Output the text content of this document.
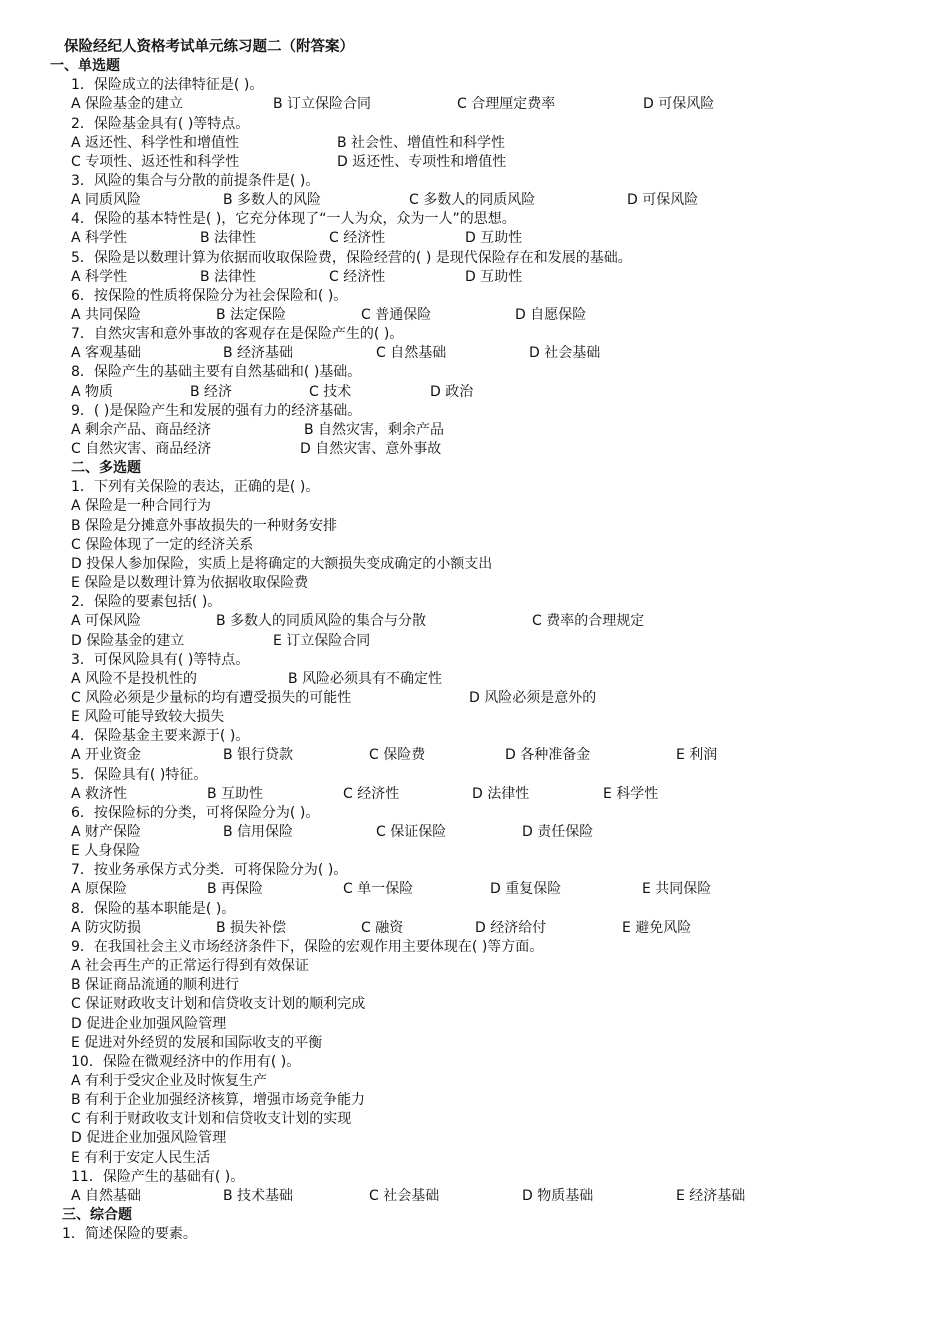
保险经纪人资格考试单元练习题二（附答案）
一、单选题
1．保险成立的法律特征是( )。
A 保险基金的建立	B 订立保险合同	C 合理厘定费率	D 可保风险
2．保险基金具有( )等特点。
A 返还性、科学性和增值性	B 社会性、增值性和科学性
C 专项性、返还性和科学性	D 返还性、专项性和增值性
3．风险的集合与分散的前提条件是( )。
A 同质风险	B 多数人的风险	C 多数人的同质风险	D 可保风险
4．保险的基本特性是( )，它充分体现了“一人为众，众为一人”的思想。
A 科学性	B 法律性	C 经济性	D 互助性
5．保险是以数理计算为依据而收取保险费，保险经营的( ) 是现代保险存在和发展的基础。
A 科学性	B 法律性	C 经济性	D 互助性
6．按保险的性质将保险分为社会保险和( )。
A 共同保险	B 法定保险	C 普通保险	D 自愿保险
7．自然灾害和意外事故的客观存在是保险产生的( )。
A 客观基础	B 经济基础	C 自然基础	D 社会基础
8．保险产生的基础主要有自然基础和( )基础。
A 物质	B 经济	C 技术	D 政治
9．( )是保险产生和发展的强有力的经济基础。
A 剩余产品、商品经济	B 自然灾害，剩余产品
C 自然灾害、商品经济	D 自然灾害、意外事故
二、多选题
1．下列有关保险的表达，正确的是( )。
A 保险是一种合同行为
B 保险是分摊意外事故损失的一种财务安排
C 保险体现了一定的经济关系
D 投保人参加保险，实质上是将确定的大额损失变成确定的小额支出
E 保险是以数理计算为依据收取保险费
2．保险的要素包括( )。
A 可保风险	B 多数人的同质风险的集合与分散	C 费率的合理规定
D 保险基金的建立	E 订立保险合同
3．可保风险具有( )等特点。
A 风险不是投机性的	B 风险必须具有不确定性
C 风险必须是少量标的均有遭受损失的可能性	D 风险必须是意外的
E 风险可能导致较大损失
4．保险基金主要来源于( )。
A 开业资金	B 银行贷款	C 保险费	D 各种准备金	E 利润
5．保险具有( )特征。
A 救济性	B 互助性	C 经济性	D 法律性	E 科学性
6．按保险标的分类，可将保险分为( )。
A 财产保险	B 信用保险	C 保证保险	D 责任保险
E 人身保险
7．按业务承保方式分类．可将保险分为( )。
A 原保险	B 再保险	C 单一保险	D 重复保险	E 共同保险
8．保险的基本职能是( )。
A 防灾防损	B 损失补偿	C 融资	D 经济给付	E 避免风险
9．在我国社会主义市场经济条件下，保险的宏观作用主要体现在( )等方面。
A 社会再生产的正常运行得到有效保证
B 保证商品流通的顺利进行
C 保证财政收支计划和信贷收支计划的顺利完成
D 促进企业加强风险管理
E 促进对外经贸的发展和国际收支的平衡
10．保险在微观经济中的作用有( )。
A 有利于受灾企业及时恢复生产
B 有利于企业加强经济核算，增强市场竞争能力
C 有利于财政收支计划和信贷收支计划的实现
D 促进企业加强风险管理
E 有利于安定人民生活
11．保险产生的基础有( )。
A 自然基础	B 技术基础	C 社会基础	D 物质基础	E 经济基础
三、综合题
1．简述保险的要素。
